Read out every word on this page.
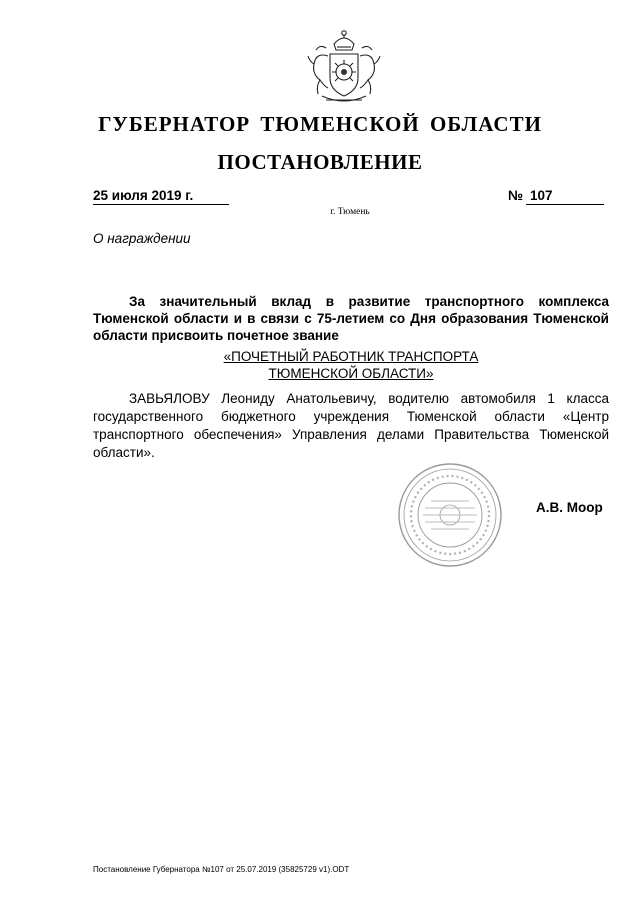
ГУБЕРНАТОР ТЮМЕНСКОЙ ОБЛАСТИ
ПОСТАНОВЛЕНИЕ
25 июля 2019 г.	№ 107
г. Тюмень
О награждении
За значительный вклад в развитие транспортного комплекса Тюменской области и в связи с 75-летием со Дня образования Тюменской области присвоить почетное звание
«ПОЧЕТНЫЙ РАБОТНИК ТРАНСПОРТА
ТЮМЕНСКОЙ ОБЛАСТИ»
ЗАВЬЯЛОВУ Леониду Анатольевичу, водителю автомобиля 1 класса государственного бюджетного учреждения Тюменской области «Центр транспортного обеспечения» Управления делами Правительства Тюменской области».
А.В. Моор
Постановление Губернатора №107 от 25.07.2019 (35825729 v1).ODT
